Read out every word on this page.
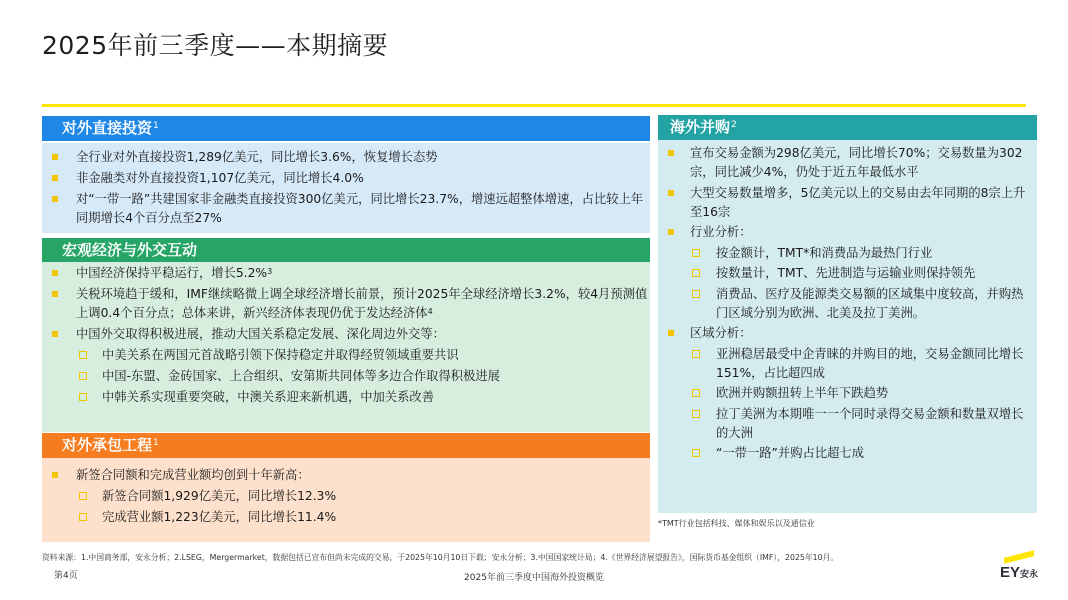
2025年前三季度——本期摘要
对外直接投资$^1$
全行业对外直接投资1,289亿美元，同比增长3.6%，恢复增长态势
非金融类对外直接投资1,107亿美元，同比增长4.0%
对“一带一路”共建国家非金融类直接投资300亿美元，同比增长23.7%，增速远超整体增速，占比较上年同期增长4个百分点至27%
宏观经济与外交互动
中国经济保持平稳运行，增长5.2%$^3$
关税环境趋于缓和，IMF继续略微上调全球经济增长前景，预计2025年全球经济增长3.2%，较4月预测值上调0.4个百分点；总体来讲，新兴经济体表现仍优于发达经济体$^4$
中国外交取得积极进展，推动大国关系稳定发展、深化周边外交等：
中美关系在两国元首战略引领下保持稳定并取得经贸领域重要共识
中国-东盟、金砖国家、上合组织、安第斯共同体等多边合作取得积极进展
中韩关系实现重要突破，中澳关系迎来新机遇，中加关系改善
对外承包工程$^1$
新签合同额和完成营业额均创到十年新高：
新签合同额1,929亿美元，同比增长12.3%
完成营业额1,223亿美元，同比增长11.4%
海外并购$^2$
宣布交易金额为298亿美元，同比增长70%；交易数量为302宗，同比减少4%，仍处于近五年最低水平
大型交易数量增多，5亿美元以上的交易由去年同期的8宗上升至16宗
行业分析：
按金额计，TMT*和消费品为最热门行业
按数量计，TMT、先进制造与运输业则保持领先
消费品、医疗及能源类交易额的区域集中度较高，并购热门区域分别为欧洲、北美及拉丁美洲。
区域分析：
亚洲稳居最受中企青睐的并购目的地，交易金额同比增长151%，占比超四成
欧洲并购额扭转上半年下跌趋势
拉丁美洲为本期唯一一个同时录得交易金额和数量双增长的大洲
“一带一路”并购占比超七成
*TMT行业包括科技、媒体和娱乐以及通信业
资料来源：1.中国商务部，安永分析；2.LSEG，Mergermarket，数据包括已宣布但尚未完成的交易，于2025年10月10日下载；安永分析；3.中国国家统计局；4.《世界经济展望报告》，国际货币基金组织（IMF），2025年10月。
第4页	2025年前三季度中国海外投资概览	EY 安永
